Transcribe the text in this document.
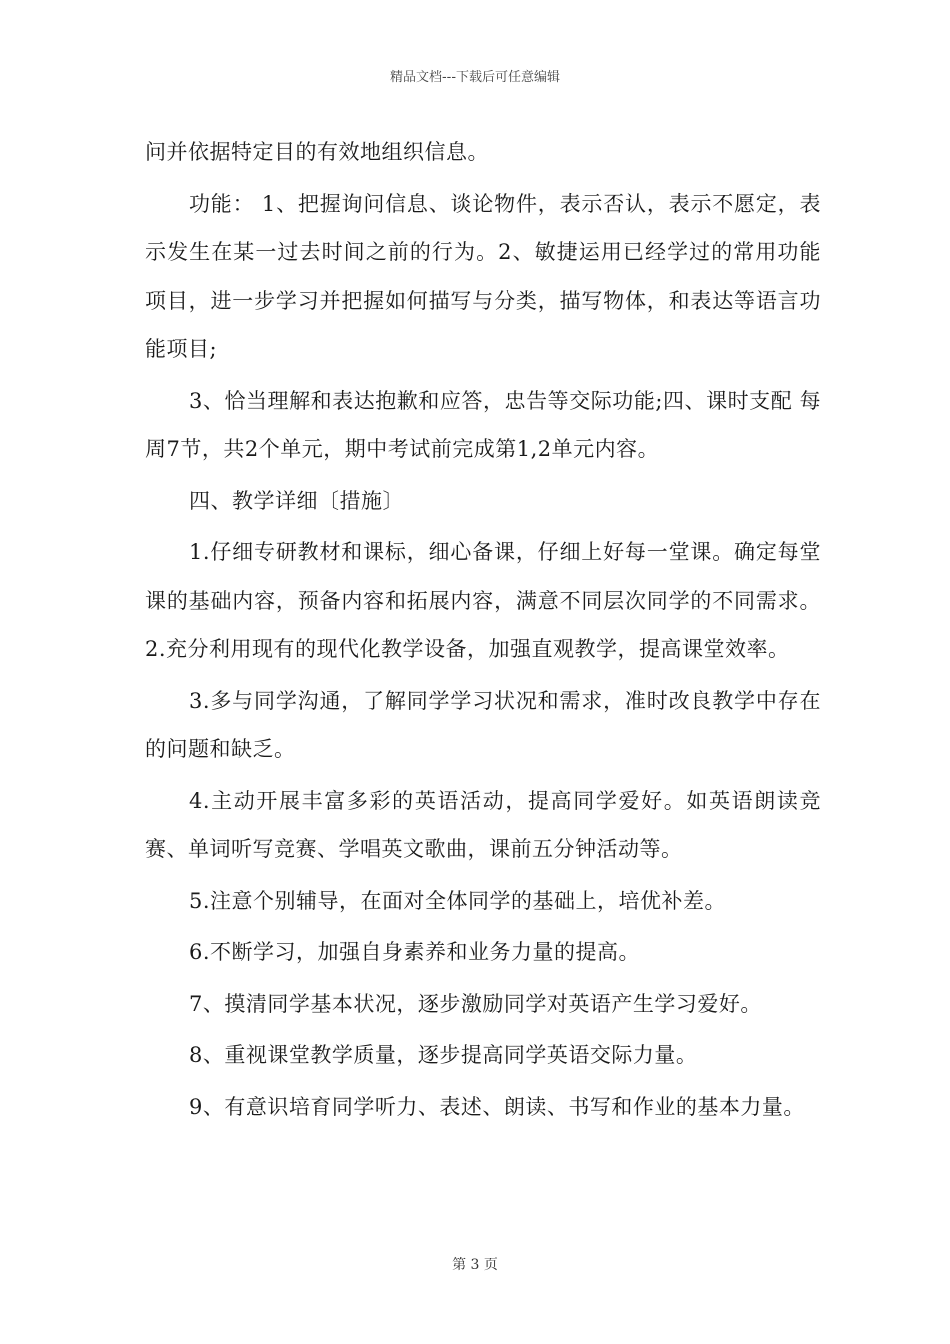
精品文档---下载后可任意编辑

问并依据特定目的有效地组织信息。

功能： 1、把握询问信息、谈论物件，表示否认，表示不愿定，表示发生在某一过去时间之前的行为。2、敏捷运用已经学过的常用功能项目，进一步学习并把握如何描写与分类，描写物体，和表达等语言功能项目;

3、恰当理解和表达抱歉和应答，忠告等交际功能;四、课时支配 每周7节，共2个单元，期中考试前完成第1,2单元内容。

四、教学详细〔措施〕

1.仔细专研教材和课标，细心备课，仔细上好每一堂课。确定每堂课的基础内容，预备内容和拓展内容，满意不同层次同学的不同需求。 2.充分利用现有的现代化教学设备，加强直观教学，提高课堂效率。

3.多与同学沟通，了解同学学习状况和需求，准时改良教学中存在的问题和缺乏。

4.主动开展丰富多彩的英语活动，提高同学爱好。如英语朗读竞赛、单词听写竞赛、学唱英文歌曲，课前五分钟活动等。

5.注意个别辅导，在面对全体同学的基础上，培优补差。

6.不断学习，加强自身素养和业务力量的提高。

7、摸清同学基本状况，逐步激励同学对英语产生学习爱好。

8、重视课堂教学质量，逐步提高同学英语交际力量。

9、有意识培育同学听力、表述、朗读、书写和作业的基本力量。

第 3 页
